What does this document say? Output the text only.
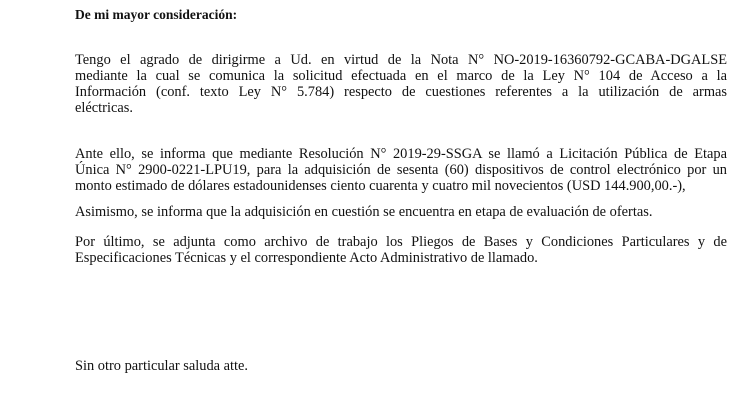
De mi mayor consideración:

Tengo el agrado de dirigirme a Ud. en virtud de la Nota N° NO-2019-16360792-GCABA-DGALSE
mediante la cual se comunica la solicitud efectuada en el marco de la Ley N° 104 de Acceso a la
Información (conf. texto Ley N° 5.784) respecto de cuestiones referentes a la utilización de armas
eléctricas.

Ante ello, se informa que mediante Resolución N° 2019-29-SSGA se llamó a Licitación Pública de Etapa
Única N° 2900-0221-LPU19, para la adquisición de sesenta (60) dispositivos de control electrónico por un
monto estimado de dólares estadounidenses ciento cuarenta y cuatro mil novecientos (USD 144.900,00.-),

Asimismo, se informa que la adquisición en cuestión se encuentra en etapa de evaluación de ofertas.

Por último, se adjunta como archivo de trabajo los Pliegos de Bases y Condiciones Particulares y de
Especificaciones Técnicas y el correspondiente Acto Administrativo de llamado.

Sin otro particular saluda atte.
